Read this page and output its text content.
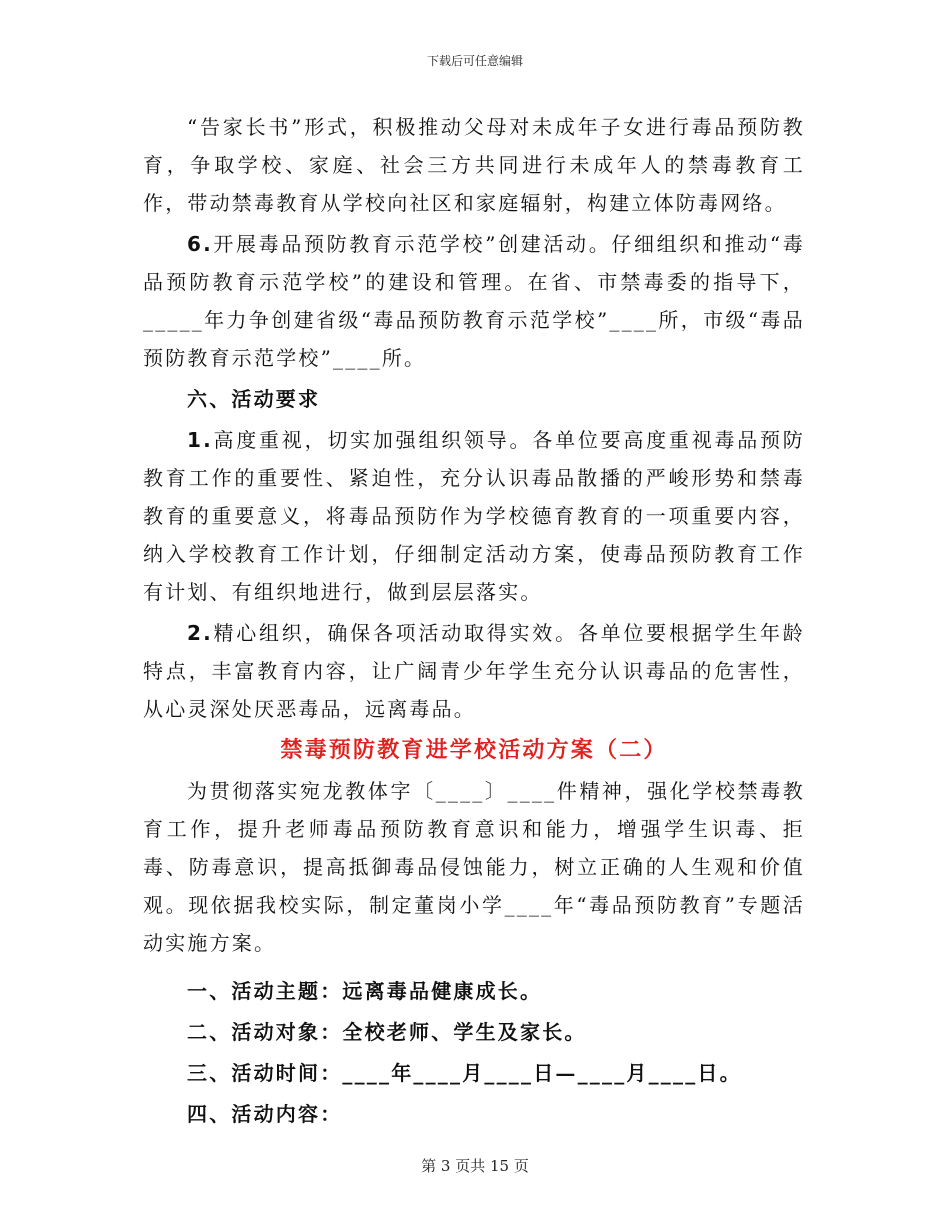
下载后可任意编辑

“告家长书”形式，积极推动父母对未成年子女进行毒品预防教育，争取学校、家庭、社会三方共同进行未成年人的禁毒教育工作，带动禁毒教育从学校向社区和家庭辐射，构建立体防毒网络。

6.开展毒品预防教育示范学校”创建活动。仔细组织和推动“毒品预防教育示范学校”的建设和管理。在省、市禁毒委的指导下，_____年力争创建省级“毒品预防教育示范学校”____所，市级“毒品预防教育示范学校”____所。

六、活动要求

1.高度重视，切实加强组织领导。各单位要高度重视毒品预防教育工作的重要性、紧迫性，充分认识毒品散播的严峻形势和禁毒教育的重要意义，将毒品预防作为学校德育教育的一项重要内容，纳入学校教育工作计划，仔细制定活动方案，使毒品预防教育工作有计划、有组织地进行，做到层层落实。

2.精心组织，确保各项活动取得实效。各单位要根据学生年龄特点，丰富教育内容，让广阔青少年学生充分认识毒品的危害性，从心灵深处厌恶毒品，远离毒品。

禁毒预防教育进学校活动方案（二）

为贯彻落实宛龙教体字〔____〕____件精神，强化学校禁毒教育工作，提升老师毒品预防教育意识和能力，增强学生识毒、拒毒、防毒意识，提高抵御毒品侵蚀能力，树立正确的人生观和价值观。现依据我校实际，制定董岗小学____年“毒品预防教育”专题活动实施方案。

一、活动主题：远离毒品健康成长。

二、活动对象：全校老师、学生及家长。

三、活动时间：____年____月____日—____月____日。

四、活动内容：

第 3 页共 15 页
